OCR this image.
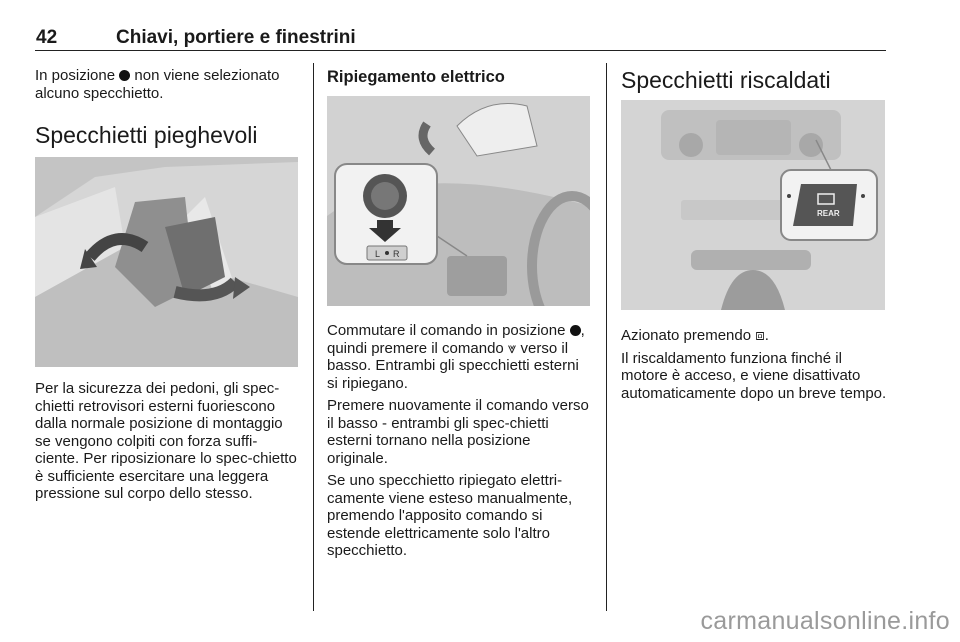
42	Chiavi, portiere e finestrini

In posizione non viene selezionato alcuno specchietto.

Specchietti pieghevoli

Per la sicurezza dei pedoni, gli spec-chietti retrovisori esterni fuoriescono dalla normale posizione di montaggio se vengono colpiti con forza suffi-ciente. Per riposizionare lo spec-chietto è sufficiente esercitare una leggera pressione sul corpo dello stesso.

Ripiegamento elettrico
L R

Commutare il comando in posizione , quindi premere il comando ⩔ verso il basso. Entrambi gli specchietti esterni si ripiegano.

Premere nuovamente il comando verso il basso - entrambi gli spec-chietti esterni tornano nella posizione originale.

Se uno specchietto ripiegato elettri-camente viene esteso manualmente, premendo l'apposito comando si estende elettricamente solo l'altro specchietto.

Specchietti riscaldati
REAR

Azionato premendo ⧈.

Il riscaldamento funziona finché il motore è acceso, e viene disattivato automaticamente dopo un breve tempo.

carmanualsonline.info
